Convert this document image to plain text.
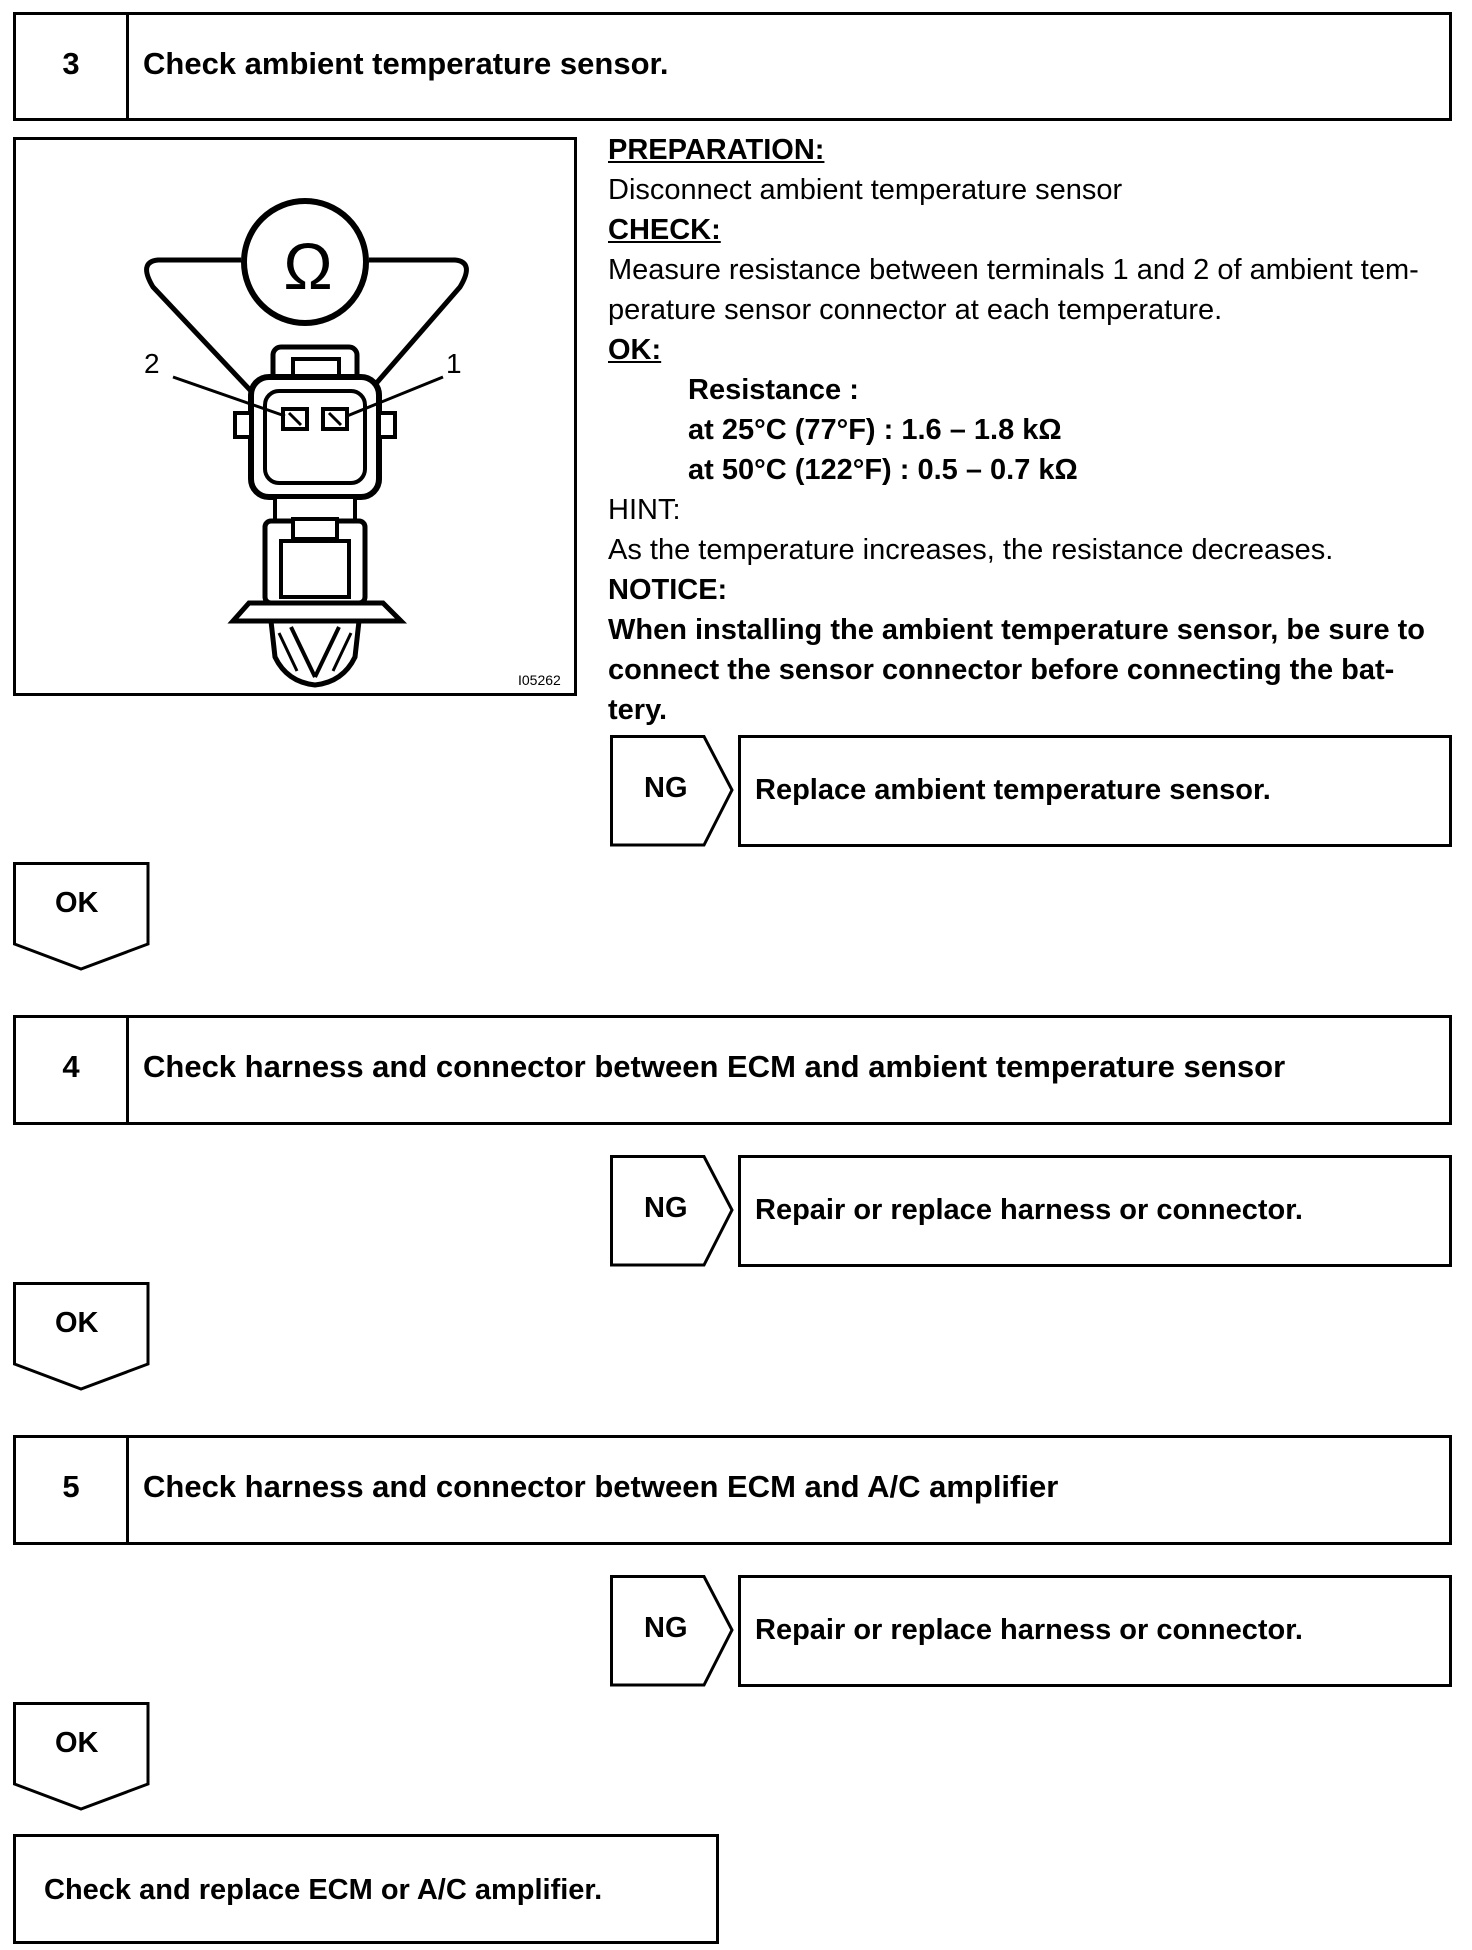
3	Check ambient temperature sensor.
Ω
2	1
I05262
PREPARATION:
Disconnect ambient temperature sensor
CHECK:
Measure resistance between terminals 1 and 2 of ambient tem-
perature sensor connector at each temperature.
OK:
Resistance :
at 25°C (77°F) : 1.6 – 1.8 kΩ
at 50°C (122°F) : 0.5 – 0.7 kΩ
HINT:
As the temperature increases, the resistance decreases.
NOTICE:
When installing the ambient temperature sensor, be sure to
connect the sensor connector before connecting the bat-
tery.
NG Replace ambient temperature sensor.
OK
4	Check harness and connector between ECM and ambient temperature sensor
NG Repair or replace harness or connector.
OK
5	Check harness and connector between ECM and A/C amplifier
NG Repair or replace harness or connector.
OK
Check and replace ECM or A/C amplifier.
